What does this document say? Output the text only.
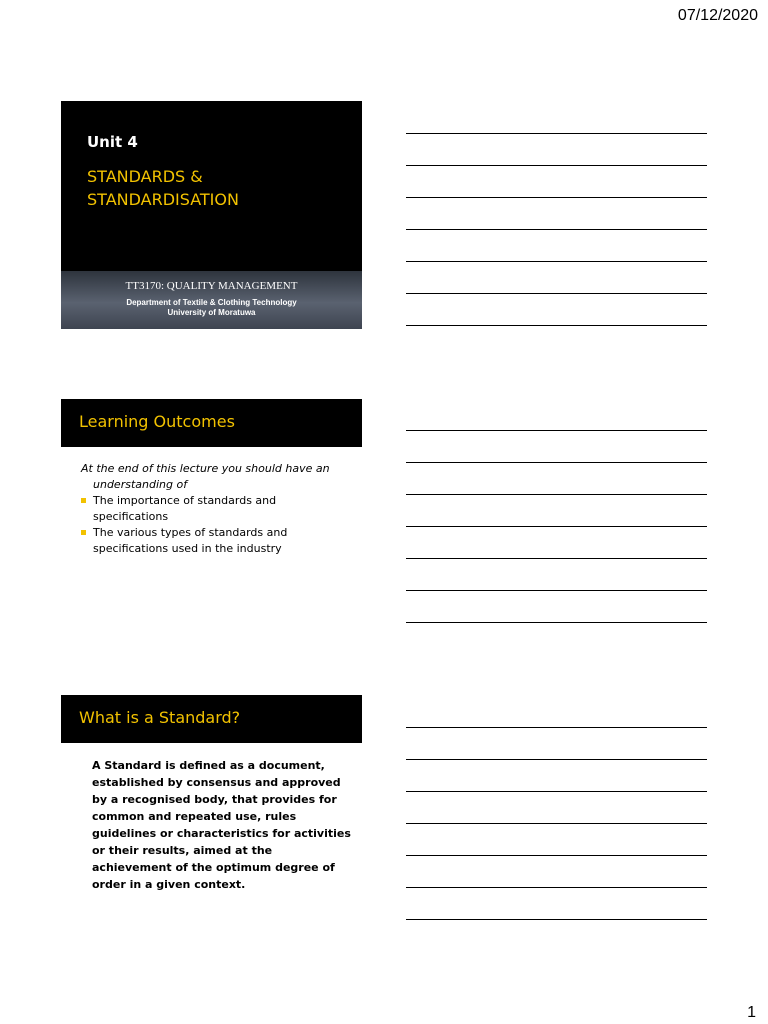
07/12/2020
Unit 4
STANDARDS &
STANDARDISATION
TT3170: QUALITY MANAGEMENT
Department of Textile & Clothing Technology
University of Moratuwa
Learning Outcomes
At the end of this lecture you should have an understanding of
The importance of standards and specifications
The various types of standards and specifications used in the industry
What is a Standard?
A Standard is defined as a document, established by consensus and approved by a recognised body, that provides for common and repeated use, rules guidelines or characteristics for activities or their results, aimed at the achievement of the optimum degree of order in a given context.
1
